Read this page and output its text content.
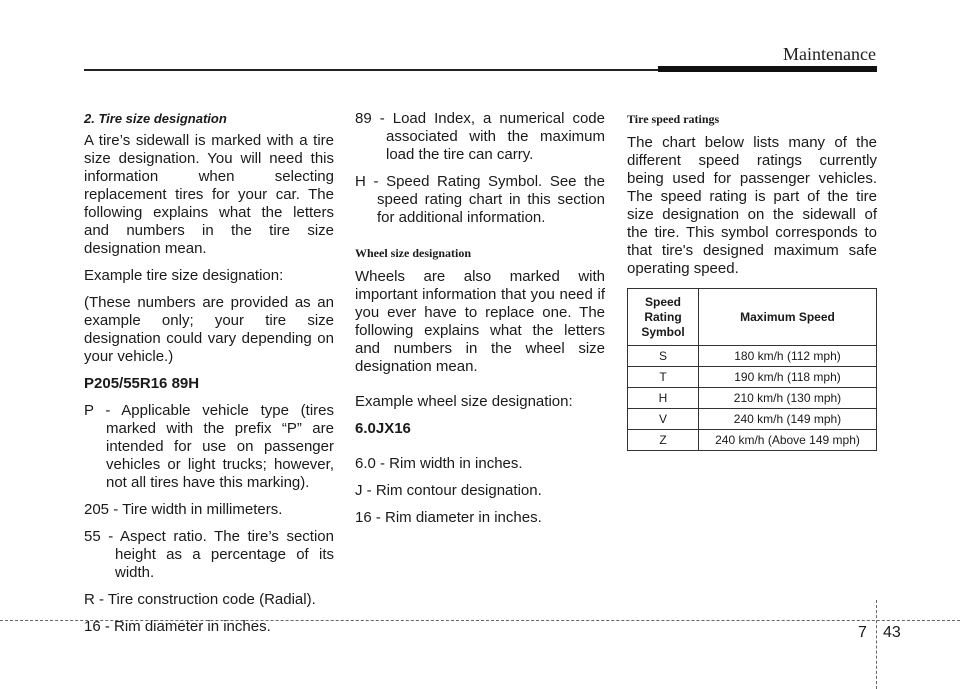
Maintenance

2. Tire size designation

A tire’s sidewall is marked with a tire size designation. You will need this information when selecting replacement tires for your car. The following explains what the letters and numbers in the tire size designation mean.

Example tire size designation:

(These numbers are provided as an example only; your tire size designation could vary depending on your vehicle.)

P205/55R16 89H

P - Applicable vehicle type (tires marked with the prefix “P” are intended for use on passenger vehicles or light trucks; however, not all tires have this marking).

205 - Tire width in millimeters.

55 - Aspect ratio. The tire’s section height as a percentage of its width.

R - Tire construction code (Radial).

16 - Rim diameter in inches.

89 - Load Index, a numerical code associated with the maximum load the tire can carry.

H - Speed Rating Symbol. See the speed rating chart in this section for additional information.

Wheel size designation

Wheels are also marked with important information that you need if you ever have to replace one. The following explains what the letters and numbers in the wheel size designation mean.

Example wheel size designation:

6.0JX16

6.0 - Rim width in inches.

J - Rim contour designation.

16 - Rim diameter in inches.

Tire speed ratings

The chart below lists many of the different speed ratings currently being used for passenger vehicles. The speed rating is part of the tire size designation on the sidewall of the tire. This symbol corresponds to that tire's designed maximum safe operating speed.

Speed Rating Symbol	Maximum Speed
S	180 km/h (112 mph)
T	190 km/h (118 mph)
H	210 km/h (130 mph)
V	240 km/h (149 mph)
Z	240 km/h (Above 149 mph)
7 43
